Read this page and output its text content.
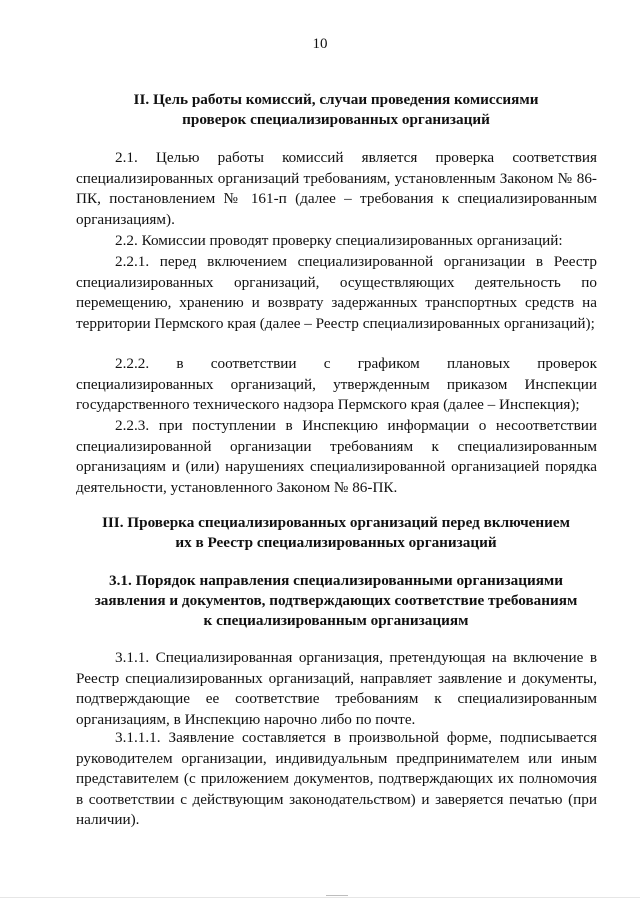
10
II. Цель работы комиссий, случаи проведения комиссиями
проверок специализированных организаций
2.1. Целью работы комиссий является проверка соответствия специализированных организаций требованиям, установленным Законом № 86-ПК, постановлением № 161-п (далее – требования к специализированным организациям).
2.2. Комиссии проводят проверку специализированных организаций:
2.2.1. перед включением специализированной организации в Реестр специализированных организаций, осуществляющих деятельность по перемещению, хранению и возврату задержанных транспортных средств на территории Пермского края (далее – Реестр специализированных организаций);
2.2.2. в соответствии с графиком плановых проверок специализированных организаций, утвержденным приказом Инспекции государственного технического надзора Пермского края (далее – Инспекция);
2.2.3. при поступлении в Инспекцию информации о несоответствии специализированной организации требованиям к специализированным организациям и (или) нарушениях специализированной организацией порядка деятельности, установленного Законом № 86-ПК.
III. Проверка специализированных организаций перед включением
их в Реестр специализированных организаций
3.1. Порядок направления специализированными организациями
заявления и документов, подтверждающих соответствие требованиям
к специализированным организациям
3.1.1. Специализированная организация, претендующая на включение в Реестр специализированных организаций, направляет заявление и документы, подтверждающие ее соответствие требованиям к специализированным организациям, в Инспекцию нарочно либо по почте.
3.1.1.1. Заявление составляется в произвольной форме, подписывается руководителем организации, индивидуальным предпринимателем или иным представителем (с приложением документов, подтверждающих их полномочия в соответствии с действующим законодательством) и заверяется печатью (при наличии).
